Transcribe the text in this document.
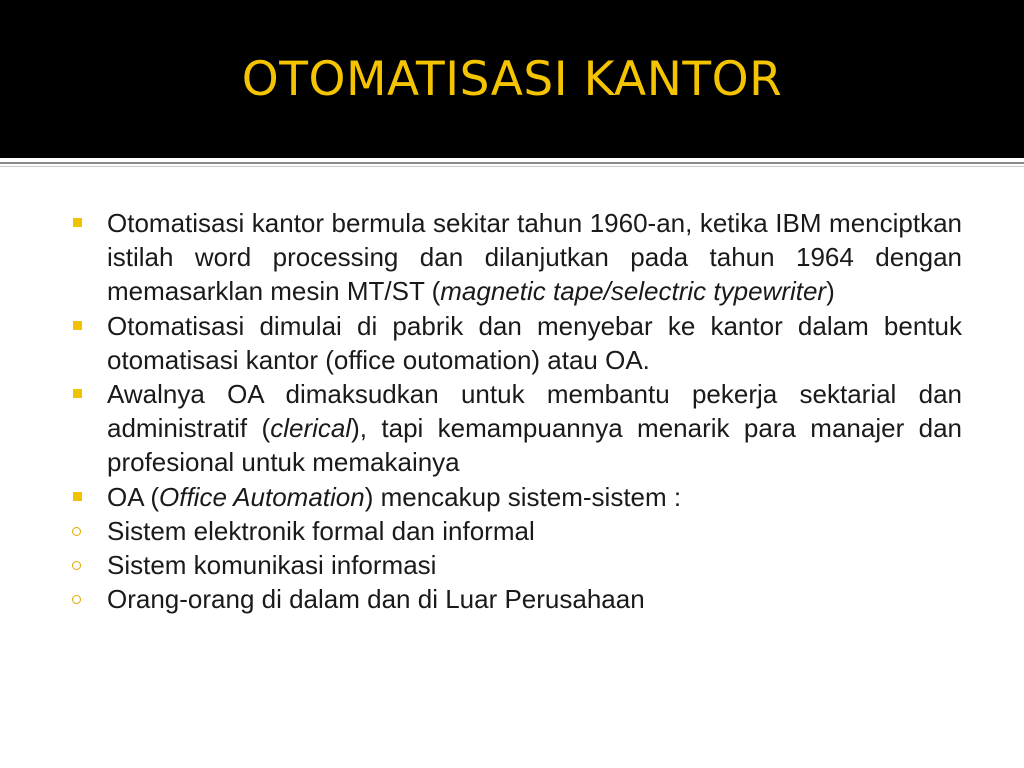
OTOMATISASI KANTOR
Otomatisasi kantor bermula sekitar tahun 1960-an, ketika IBM menciptkan istilah word processing dan dilanjutkan pada tahun 1964 dengan memasarklan mesin MT/ST (magnetic tape/selectric typewriter)
Otomatisasi dimulai di pabrik dan menyebar ke kantor dalam bentuk otomatisasi kantor (office outomation) atau OA.
Awalnya OA dimaksudkan untuk membantu pekerja sektarial dan administratif (clerical), tapi kemampuannya menarik para manajer dan profesional untuk memakainya
OA (Office Automation) mencakup sistem-sistem :
Sistem elektronik formal dan informal
Sistem komunikasi informasi
Orang-orang di dalam dan di Luar Perusahaan
